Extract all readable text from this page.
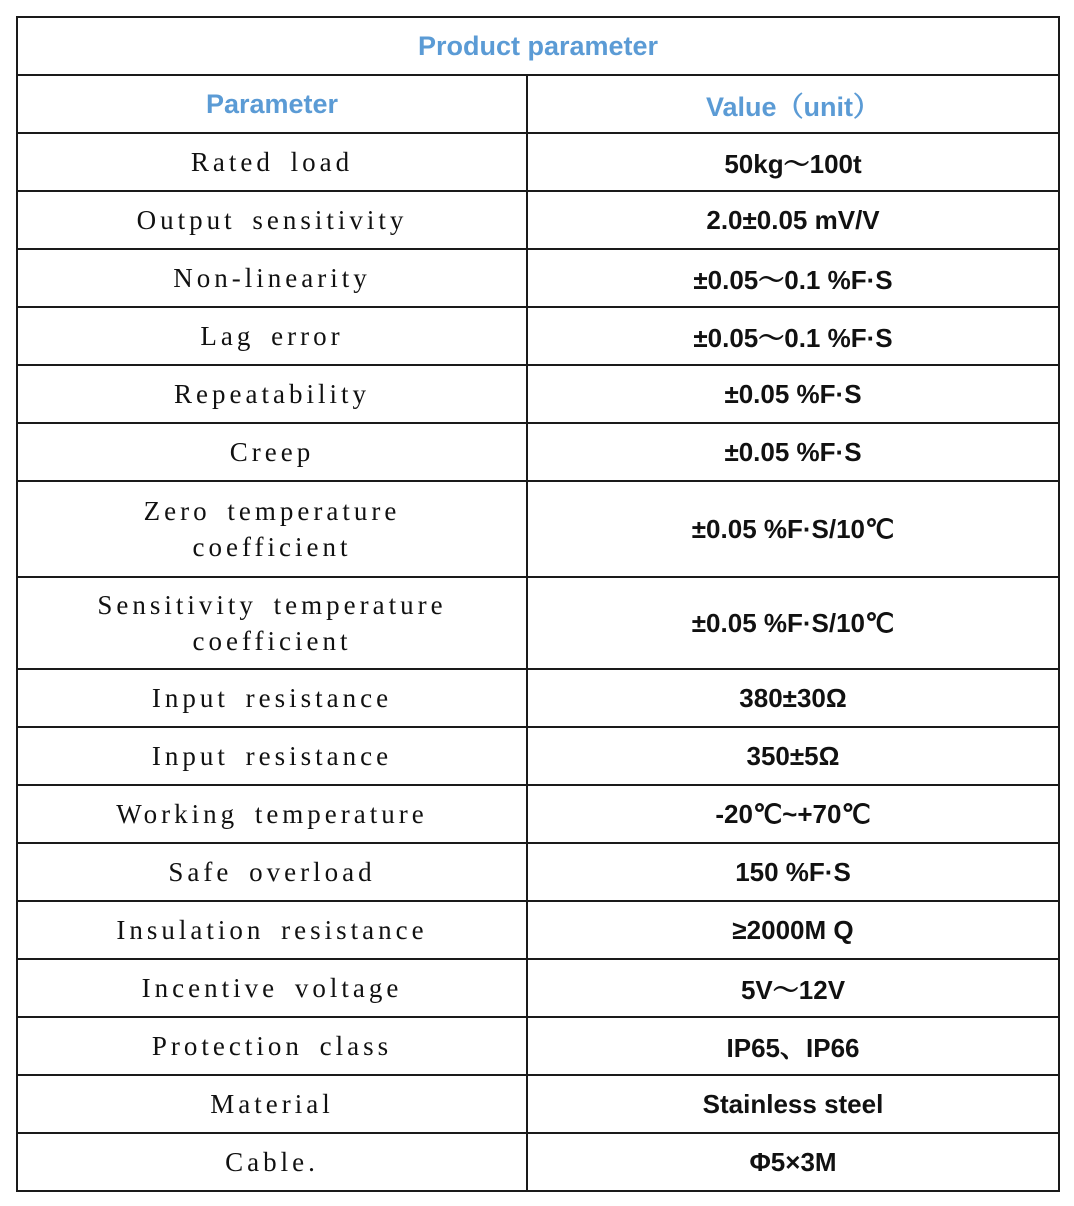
Product parameter	
Parameter	Value（unit）
Rated load	50kg～100t
Output sensitivity	2.0±0.05 mV/V
Non-linearity	±0.05～0.1 %F·S
Lag error	±0.05～0.1 %F·S
Repeatability	±0.05 %F·S
Creep	±0.05 %F·S
Zero temperature coefficient	±0.05 %F·S/10℃
Sensitivity temperature coefficient	±0.05 %F·S/10℃
Input resistance	380±30Ω
Input resistance	350±5Ω
Working temperature	-20℃~+70℃
Safe overload	150 %F·S
Insulation resistance	≥2000M Q
Incentive voltage	5V～12V
Protection class	IP65、IP66
Material	Stainless steel
Cable.	Φ5×3M
